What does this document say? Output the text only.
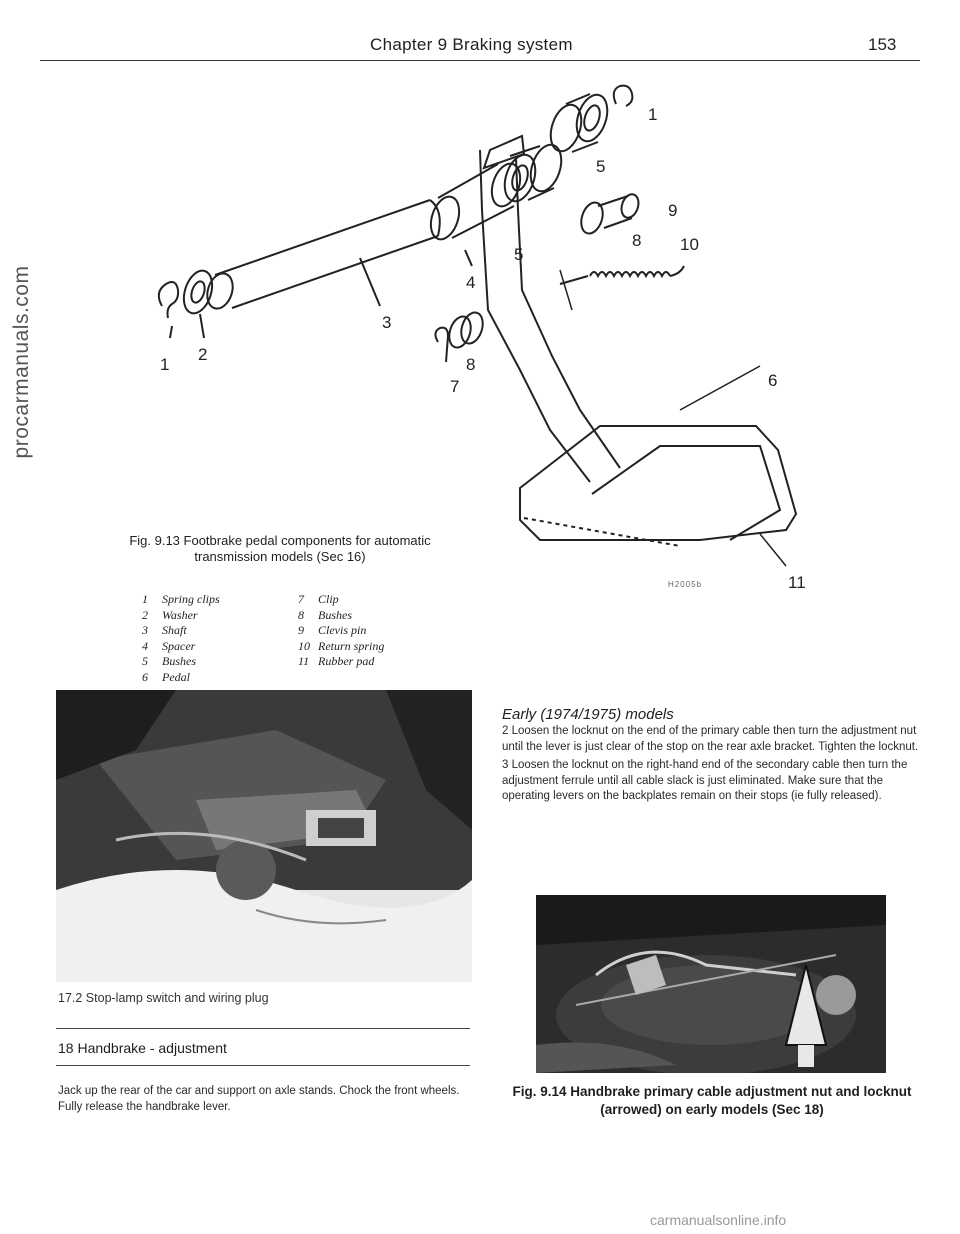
Chapter 9 Braking system	153
procarmanuals.com	1
2
3
4
5
5
6
7
8
8
9
10
11
1
H2005b
Fig. 9.13 Footbrake pedal components for automatic transmission models (Sec 16)
1 Spring clips
2 Washer
3 Shaft
4 Spacer
5 Bushes
6 Pedal
7 Clip
8 Bushes
9 Clevis pin
10 Return spring
11 Rubber pad
17.2 Stop-lamp switch and wiring plug
18 Handbrake - adjustment
Jack up the rear of the car and support on axle stands. Chock the front wheels. Fully release the handbrake lever.
Early (1974/1975) models
2 Loosen the locknut on the end of the primary cable then turn the adjustment nut until the lever is just clear of the stop on the rear axle bracket. Tighten the locknut.
3 Loosen the locknut on the right-hand end of the secondary cable then turn the adjustment ferrule until all cable slack is just eliminated. Make sure that the operating levers on the backplates remain on their stops (ie fully released).
Fig. 9.14 Handbrake primary cable adjustment nut and locknut (arrowed) on early models (Sec 18)
carmanualsonline.info
